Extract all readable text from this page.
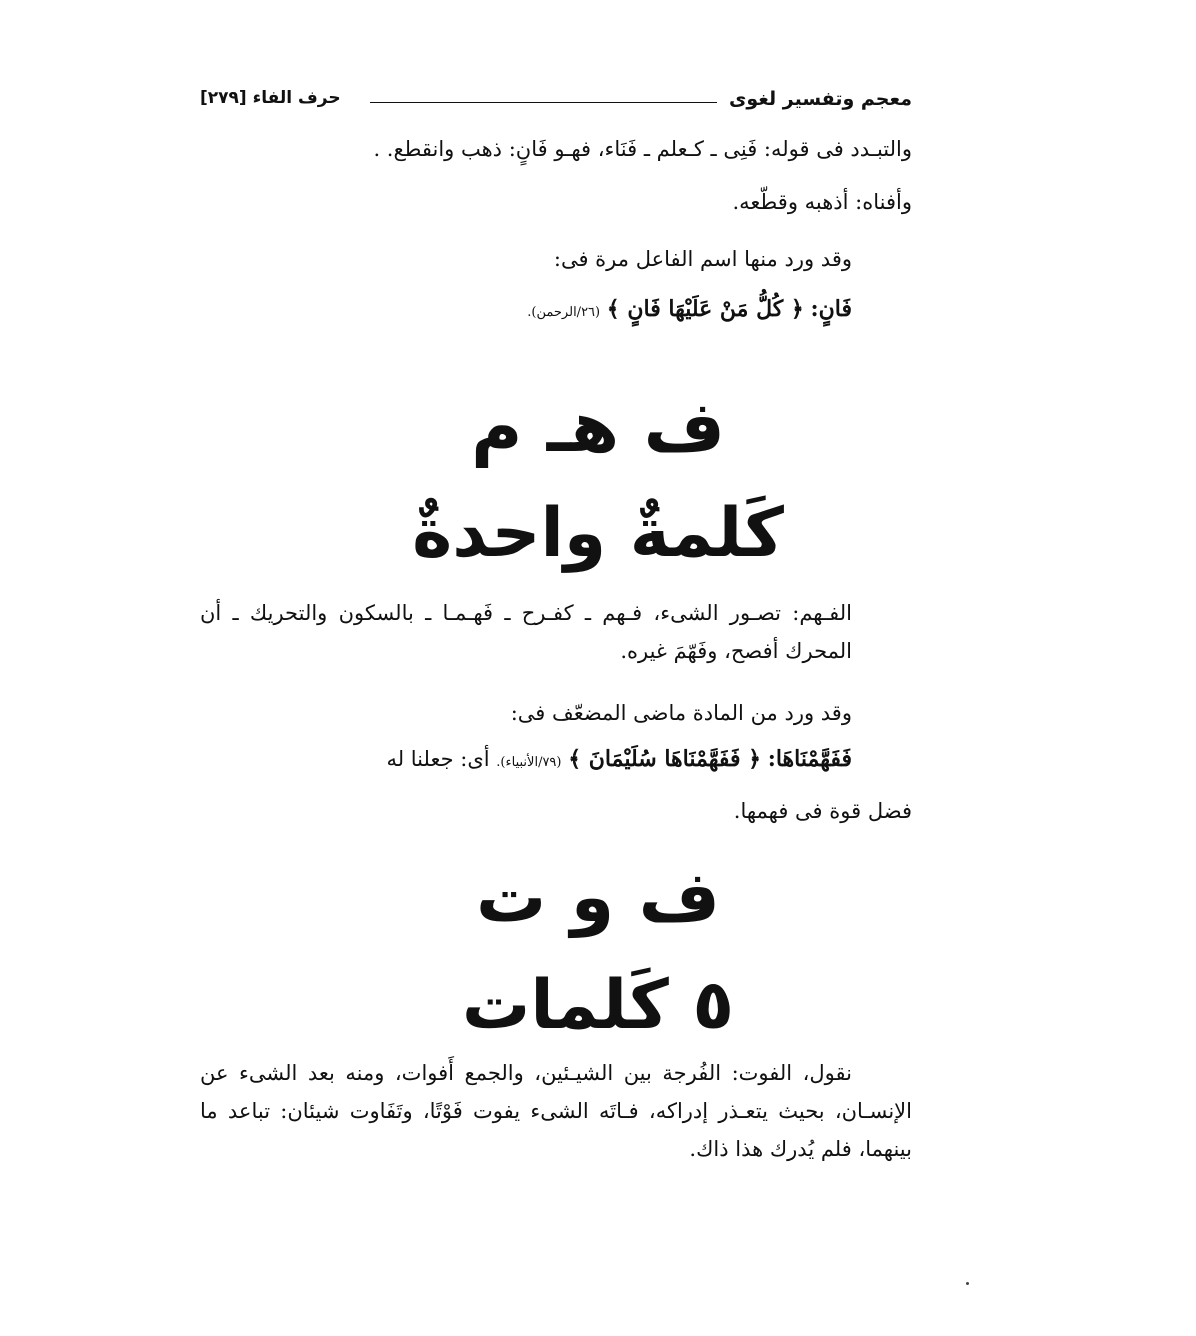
معجم وتفسير لغوى
حرف الفاء [٢٧٩]
والتبـدد فى قوله: فَنِى ـ كـعلم ـ فَنَاء، فهـو فَانٍ: ذهب وانقطع. .
وأفناه: أذهبه وقطّعه.
وقد ورد منها اسم الفاعل مرة فى:
فَانٍ: ﴿ كُلُّ مَنْ عَلَيْهَا فَانٍ ﴾ (٢٦/الرحمن).
ف هـ م
كَلمةٌ واحدةٌ
الفـهم: تصـور الشىء، فـهم ـ كفـرح ـ فَهـمـا ـ بالسكون والتحريك ـ أن المحرك أفصح، وفَهّمَ غيره.
وقد ورد من المادة ماضى المضعّف فى:
فَفَهَّمْنَاهَا: ﴿ فَفَهَّمْنَاهَا سُلَيْمَانَ ﴾ (٧٩/الأنبياء). أى: جعلنا له
فضل قوة فى فهمها.
ف و ت
٥ كَلمات
نقول، الفوت: الفُرجة بين الشيـئين، والجمع أَفوات، ومنه بعد الشىء عن الإنسـان، بحيث يتعـذر إدراكه، فـاتَه الشىء يفوت فَوْتًا، وتَفَاوت شيئان: تباعد ما بينهما، فلم يُدرك هذا ذاك.
